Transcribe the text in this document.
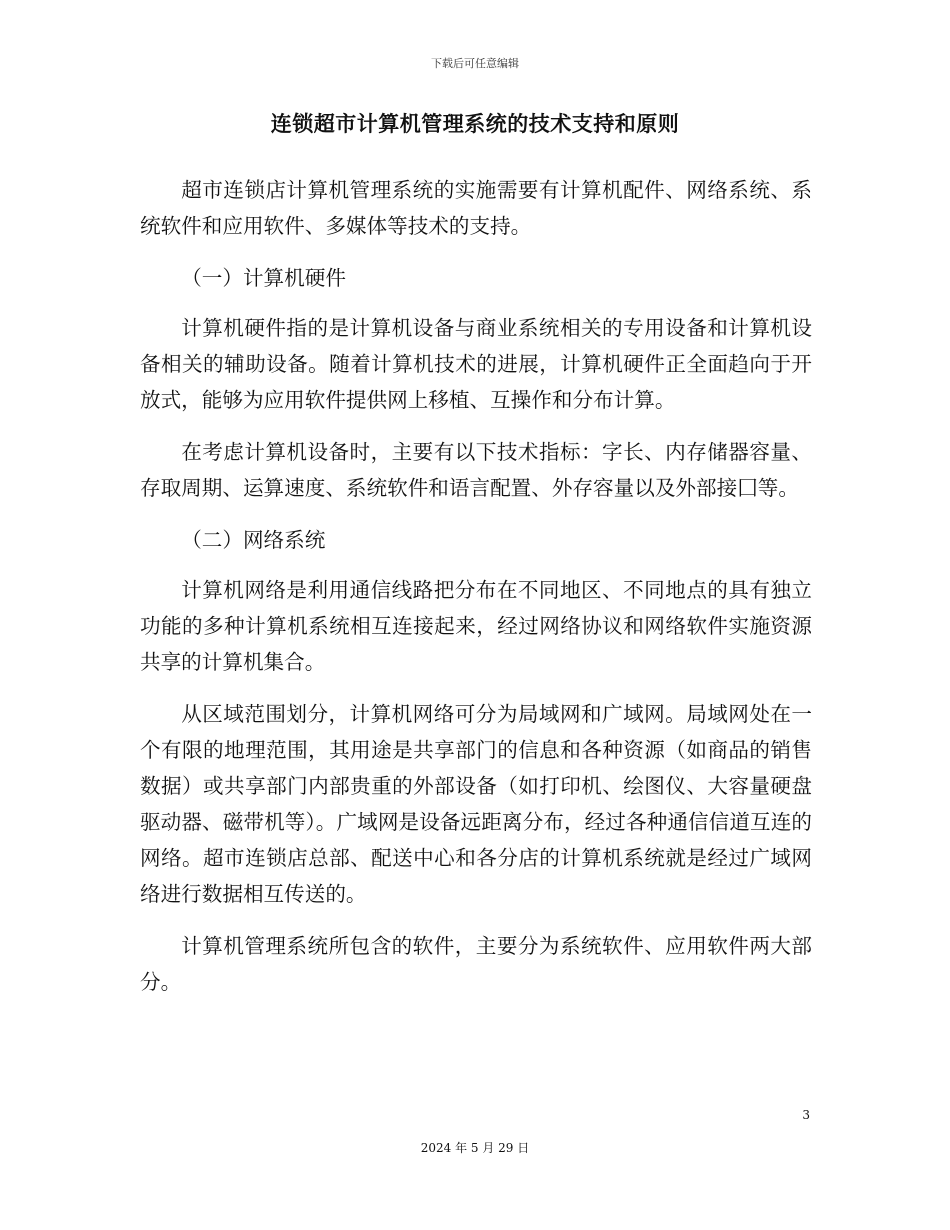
下载后可任意编辑
连锁超市计算机管理系统的技术支持和原则

超市连锁店计算机管理系统的实施需要有计算机配件、网络系统、系统软件和应用软件、多媒体等技术的支持。

（一）计算机硬件

计算机硬件指的是计算机设备与商业系统相关的专用设备和计算机设备相关的辅助设备。随着计算机技术的进展，计算机硬件正全面趋向于开放式，能够为应用软件提供网上移植、互操作和分布计算。

在考虑计算机设备时，主要有以下技术指标：字长、内存储器容量、存取周期、运算速度、系统软件和语言配置、外存容量以及外部接囗等。

（二）网络系统

计算机网络是利用通信线路把分布在不同地区、不同地点的具有独立功能的多种计算机系统相互连接起来，经过网络协议和网络软件实施资源共享的计算机集合。

从区域范围划分，计算机网络可分为局域网和广域网。局域网处在一个有限的地理范围，其用途是共享部门的信息和各种资源（如商品的销售数据）或共享部门内部贵重的外部设备（如打印机、绘图仪、大容量硬盘驱动器、磁带机等）。广域网是设备远距离分布，经过各种通信信道互连的网络。超市连锁店总部、配送中心和各分店的计算机系统就是经过广域网络进行数据相互传送的。

计算机管理系统所包含的软件，主要分为系统软件、应用软件两大部分。

3
2024 年 5 月 29 日
